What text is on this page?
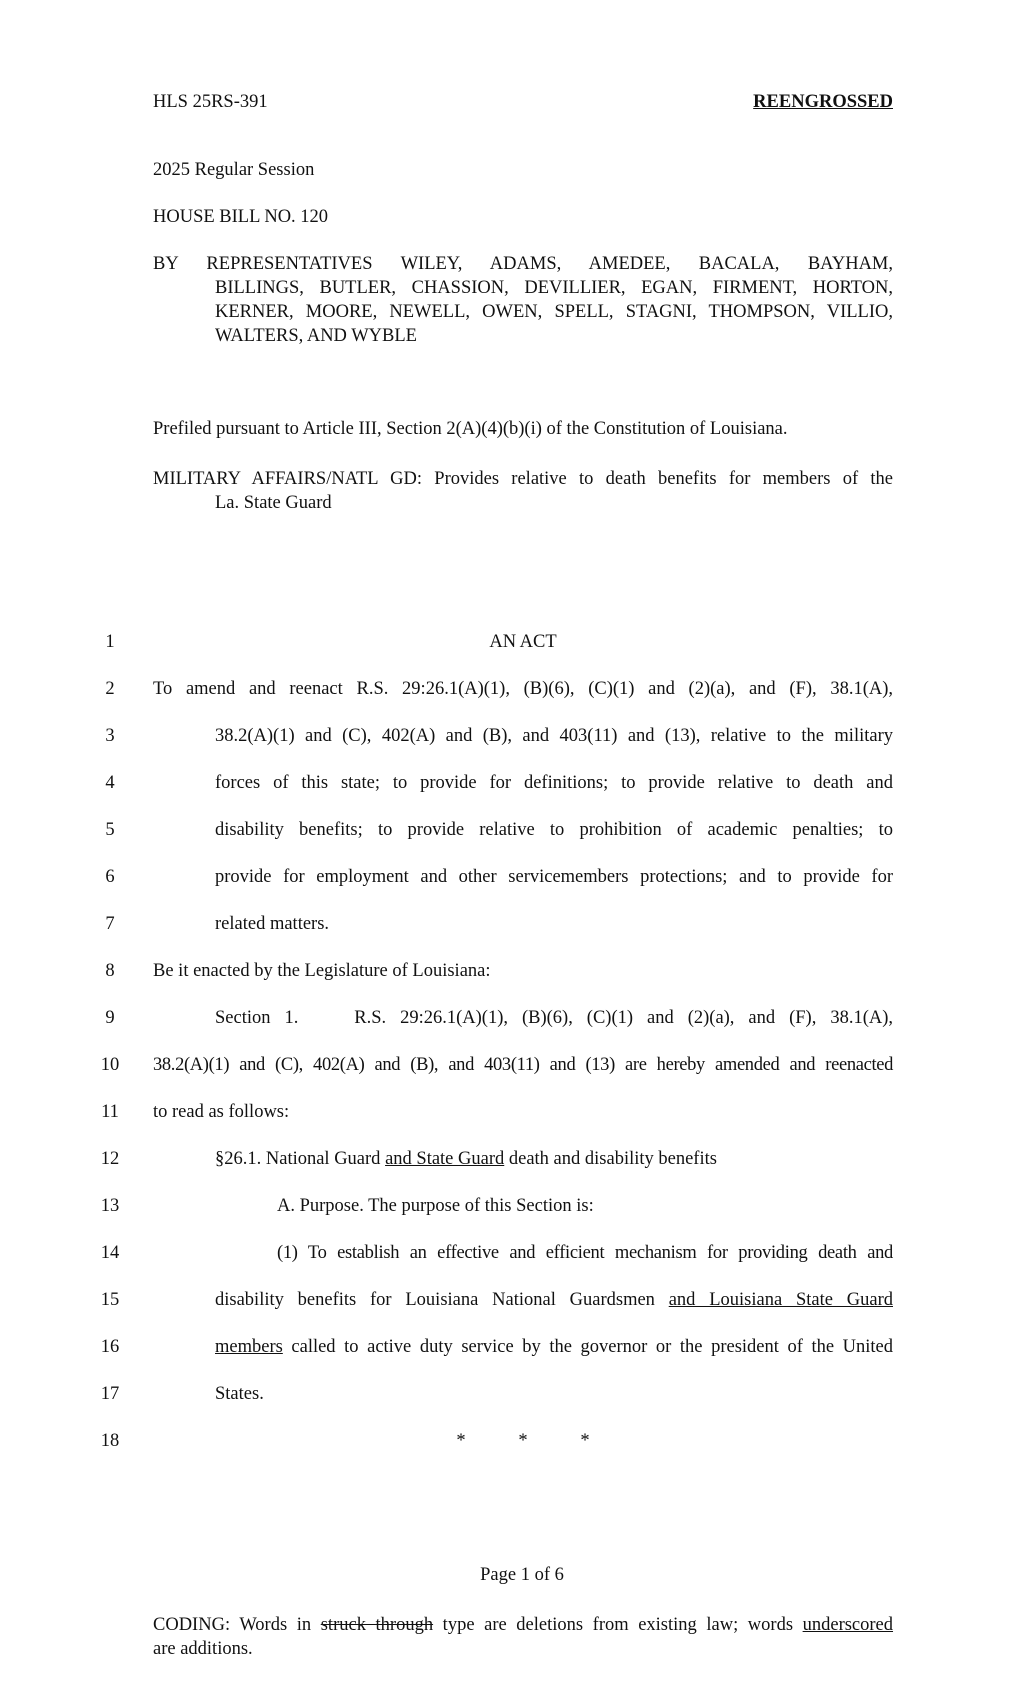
HLS 25RS-391	REENGROSSED
2025 Regular Session
HOUSE BILL NO. 120
BY REPRESENTATIVES WILEY, ADAMS, AMEDEE, BACALA, BAYHAM,
BILLINGS, BUTLER, CHASSION, DEVILLIER, EGAN, FIRMENT, HORTON,
KERNER, MOORE, NEWELL, OWEN, SPELL, STAGNI, THOMPSON, VILLIO,
WALTERS, AND WYBLE
Prefiled pursuant to Article III, Section 2(A)(4)(b)(i) of the Constitution of Louisiana.
MILITARY AFFAIRS/NATL GD: Provides relative to death benefits for members of the
La. State Guard
1	AN ACT
2	To amend and reenact R.S. 29:26.1(A)(1), (B)(6), (C)(1) and (2)(a), and (F), 38.1(A),
3	38.2(A)(1) and (C), 402(A) and (B), and 403(11) and (13), relative to the military
4	forces of this state; to provide for definitions; to provide relative to death and
5	disability benefits; to provide relative to prohibition of academic penalties; to
6	provide for employment and other servicemembers protections; and to provide for
7	related matters.
8	Be it enacted by the Legislature of Louisiana:
9	Section 1.    R.S. 29:26.1(A)(1), (B)(6), (C)(1) and (2)(a), and (F), 38.1(A),
10	38.2(A)(1) and (C), 402(A) and (B), and 403(11) and (13) are hereby amended and reenacted
11	to read as follows:
12	§26.1. National Guard and State Guard death and disability benefits
13	A. Purpose. The purpose of this Section is:
14	(1) To establish an effective and efficient mechanism for providing death and
15	disability benefits for Louisiana National Guardsmen and Louisiana State Guard
16	members called to active duty service by the governor or the president of the United
17	States.
18	*	*	*
Page 1 of 6
CODING: Words in struck through type are deletions from existing law; words underscored
are additions.
